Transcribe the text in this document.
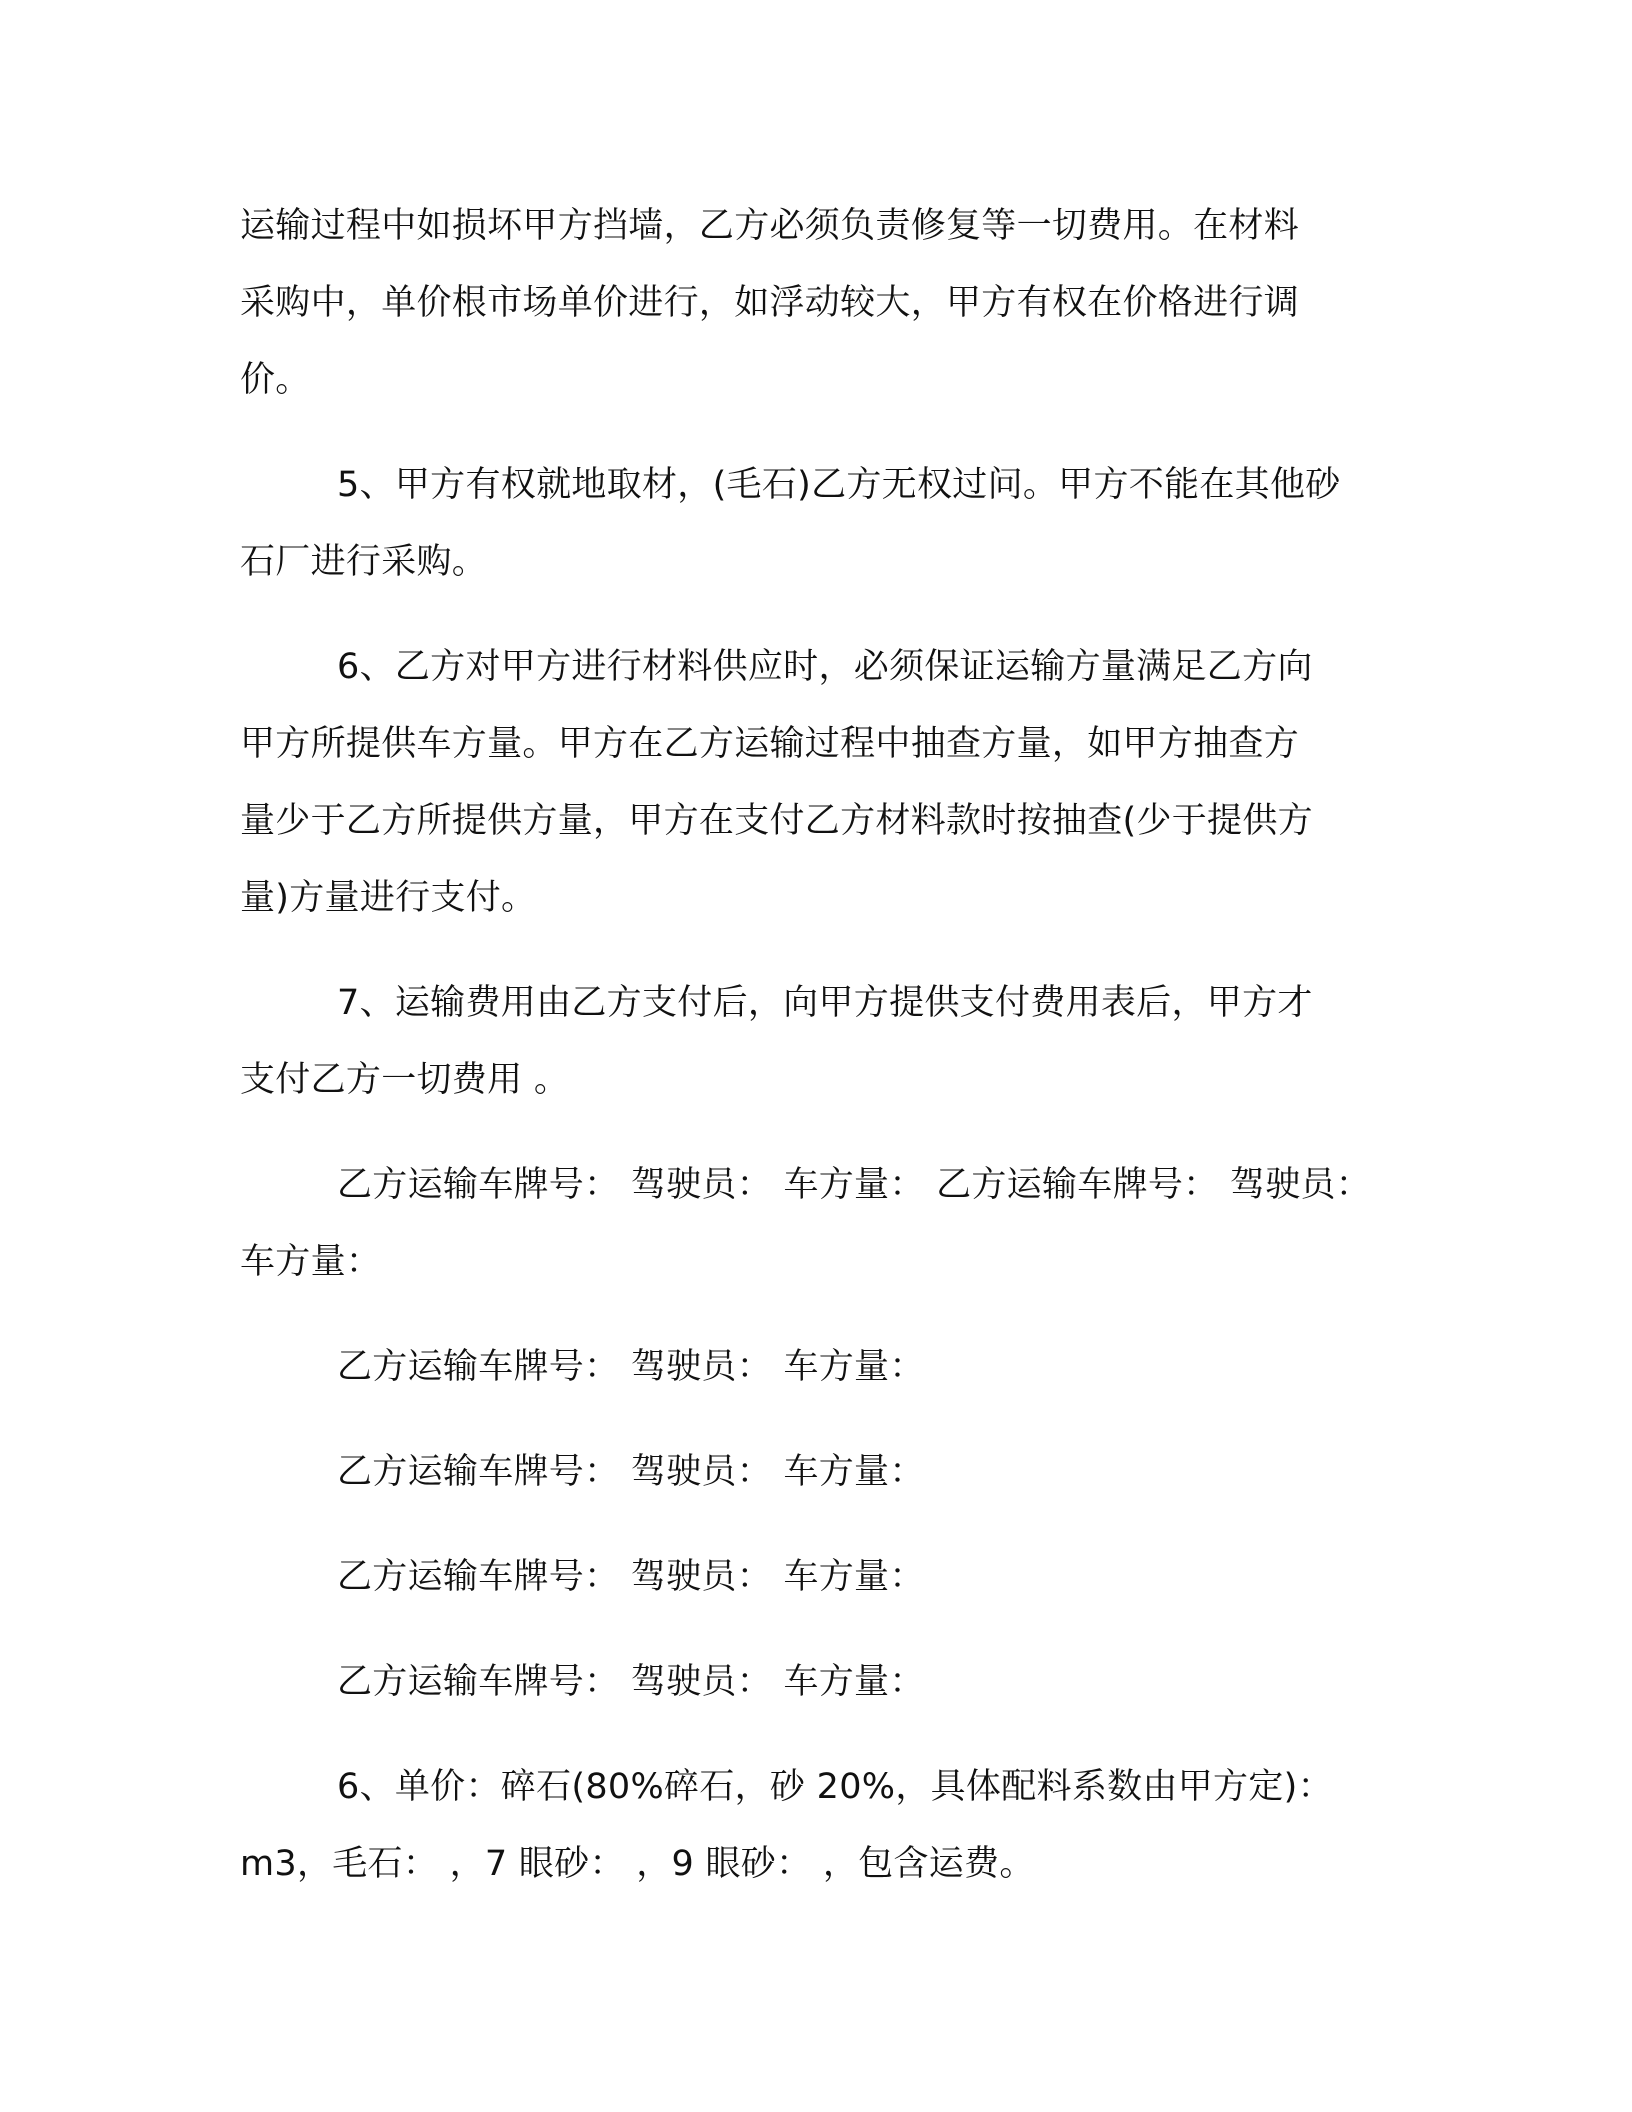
运输过程中如损坏甲方挡墙，乙方必须负责修复等一切费用。在材料
采购中，单价根市场单价进行，如浮动较大，甲方有权在价格进行调
价。

5、甲方有权就地取材，(毛石)乙方无权过问。甲方不能在其他砂
石厂进行采购。

6、乙方对甲方进行材料供应时，必须保证运输方量满足乙方向
甲方所提供车方量。甲方在乙方运输过程中抽查方量，如甲方抽查方
量少于乙方所提供方量，甲方在支付乙方材料款时按抽查(少于提供方
量)方量进行支付。

7、运输费用由乙方支付后，向甲方提供支付费用表后，甲方才
支付乙方一切费用 。

乙方运输车牌号： 驾驶员： 车方量： 乙方运输车牌号： 驾驶员：
车方量：

乙方运输车牌号： 驾驶员： 车方量：

乙方运输车牌号： 驾驶员： 车方量：

乙方运输车牌号： 驾驶员： 车方量：

乙方运输车牌号： 驾驶员： 车方量：

6、单价：碎石(80%碎石，砂 20%，具体配料系数由甲方定)：
m3，毛石： ，7 眼砂： ，9 眼砂： ，包含运费。
